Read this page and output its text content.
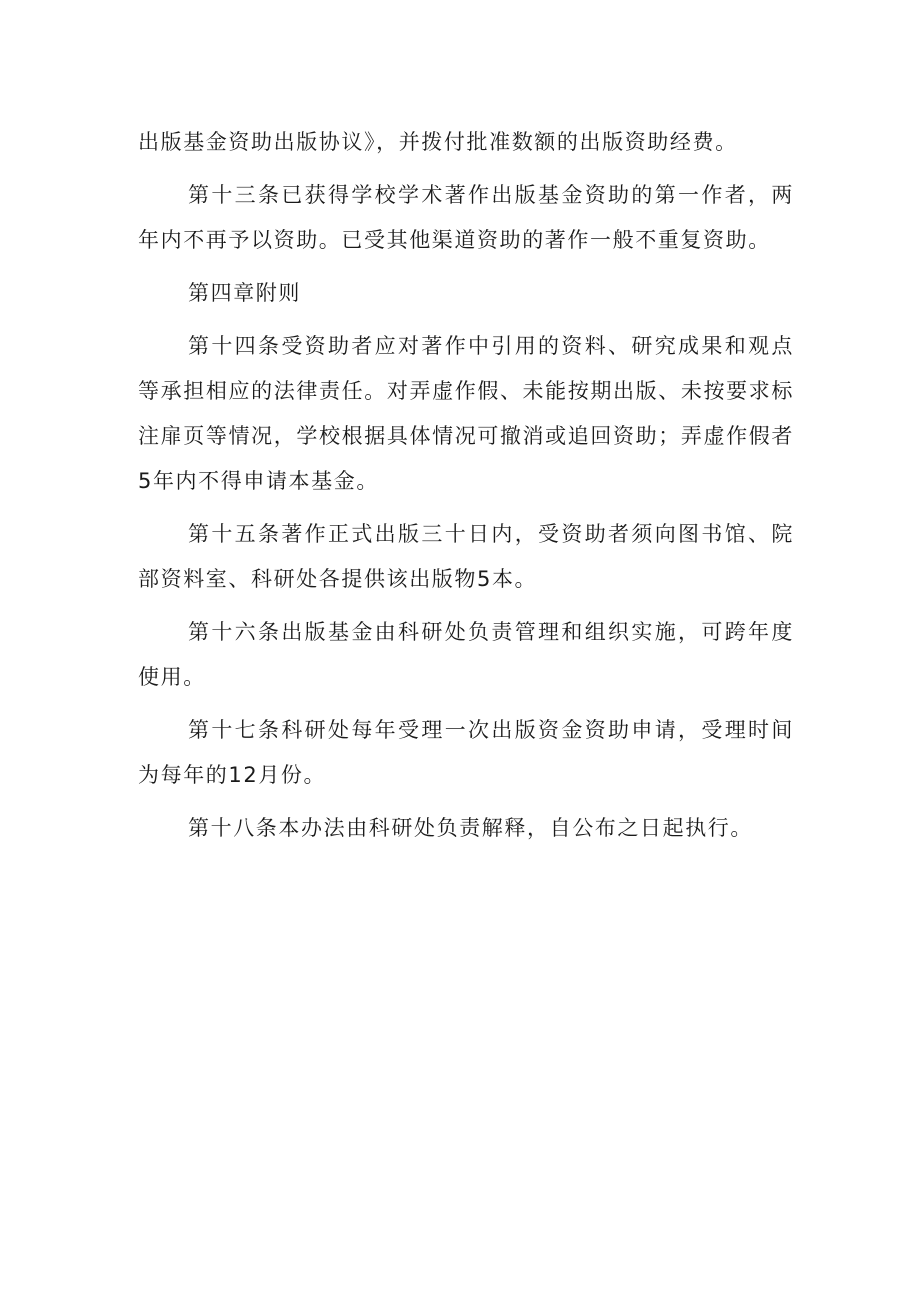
出版基金资助出版协议》，并拨付批准数额的出版资助经费。

第十三条已获得学校学术著作出版基金资助的第一作者，两年内不再予以资助。已受其他渠道资助的著作一般不重复资助。

第四章附则

第十四条受资助者应对著作中引用的资料、研究成果和观点等承担相应的法律责任。对弄虚作假、未能按期出版、未按要求标注扉页等情况，学校根据具体情况可撤消或追回资助；弄虚作假者5年内不得申请本基金。

第十五条著作正式出版三十日内，受资助者须向图书馆、院部资料室、科研处各提供该出版物5本。

第十六条出版基金由科研处负责管理和组织实施，可跨年度使用。

第十七条科研处每年受理一次出版资金资助申请，受理时间为每年的12月份。

第十八条本办法由科研处负责解释，自公布之日起执行。
